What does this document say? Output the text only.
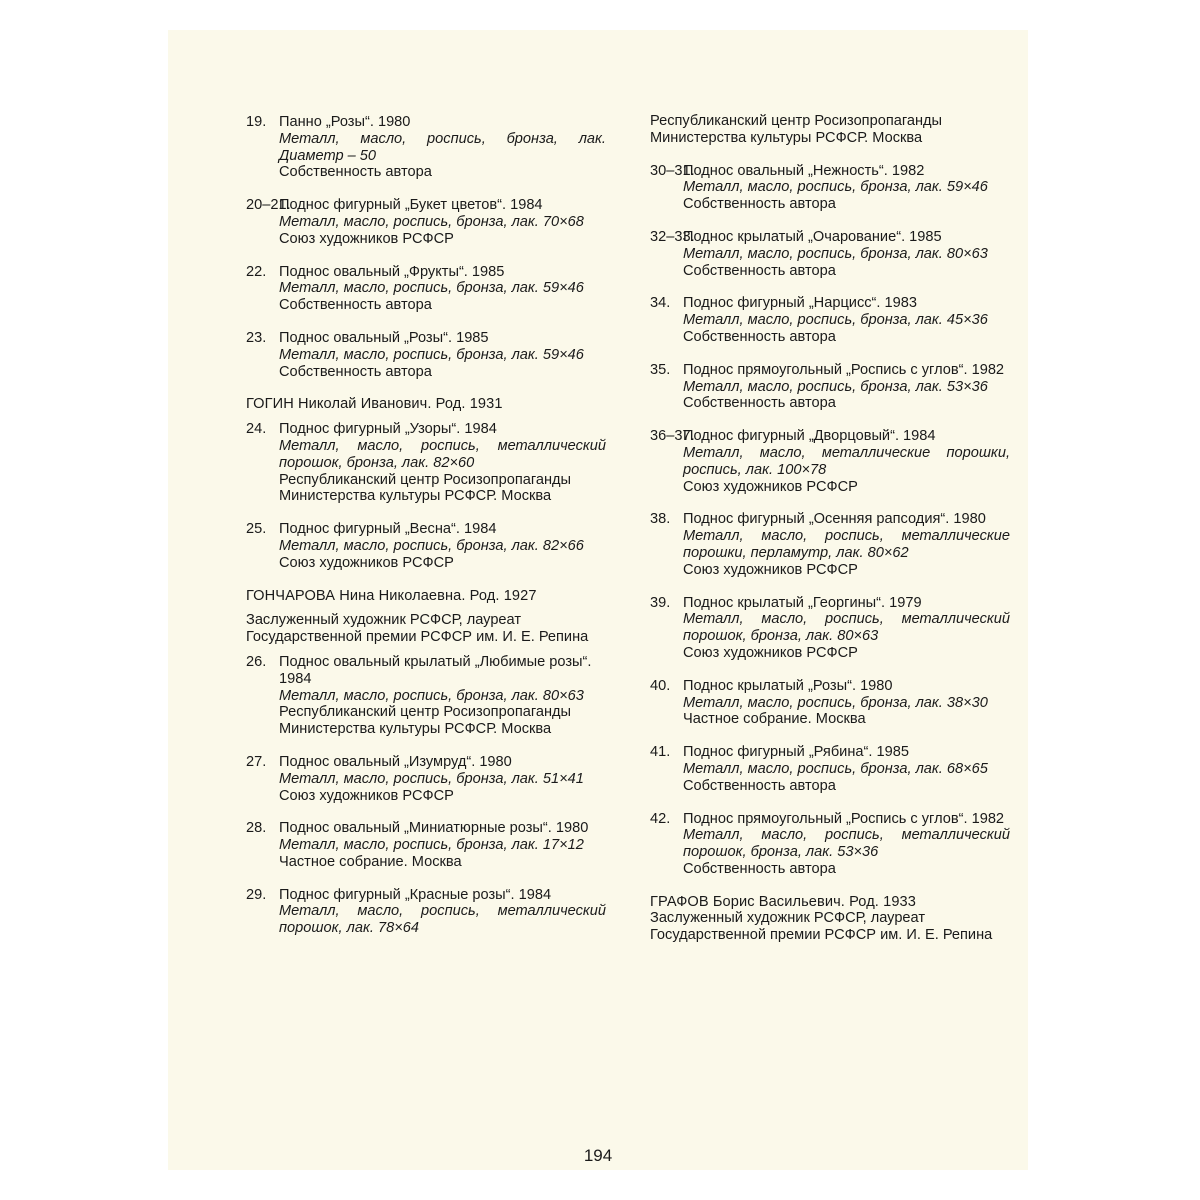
19. Панно „Розы“. 1980
Металл, масло, роспись, бронза, лак. Диаметр – 50
Собственность автора
20–21.
Поднос фигурный „Букет цветов“. 1984
Металл, масло, роспись, бронза, лак. 70×68
Союз художников РСФСР
22. Поднос овальный „Фрукты“. 1985
Металл, масло, роспись, бронза, лак. 59×46
Собственность автора
23. Поднос овальный „Розы“. 1985
Металл, масло, роспись, бронза, лак. 59×46
Собственность автора
ГОГИН Николай Иванович. Род. 1931
24. Поднос фигурный „Узоры“. 1984
Металл, масло, роспись, металлический порошок, бронза, лак. 82×60
Республиканский центр Росизопропаганды Министерства культуры РСФСР. Москва
25. Поднос фигурный „Весна“. 1984
Металл, масло, роспись, бронза, лак. 82×66
Союз художников РСФСР
ГОНЧАРОВА Нина Николаевна. Род. 1927
Заслуженный художник РСФСР, лауреат Государственной премии РСФСР им. И. Е. Репина
26. Поднос овальный крылатый „Любимые розы“. 1984
Металл, масло, роспись, бронза, лак. 80×63
Республиканский центр Росизопропаганды Министерства культуры РСФСР. Москва
27. Поднос овальный „Изумруд“. 1980
Металл, масло, роспись, бронза, лак. 51×41
Союз художников РСФСР
28. Поднос овальный „Миниатюрные розы“. 1980
Металл, масло, роспись, бронза, лак. 17×12
Частное собрание. Москва
29. Поднос фигурный „Красные розы“. 1984
Металл, масло, роспись, металлический порошок, лак. 78×64
Республиканский центр Росизопропаганды
Министерства культуры РСФСР. Москва
30–31.
Поднос овальный „Нежность“. 1982
Металл, масло, роспись, бронза, лак. 59×46
Собственность автора
32–33.
Поднос крылатый „Очарование“. 1985
Металл, масло, роспись, бронза, лак. 80×63
Собственность автора
34. Поднос фигурный „Нарцисс“. 1983
Металл, масло, роспись, бронза, лак. 45×36
Собственность автора
35. Поднос прямоугольный „Роспись с углов“. 1982
Металл, масло, роспись, бронза, лак. 53×36
Собственность автора
36–37.
Поднос фигурный „Дворцовый“. 1984
Металл, масло, металлические порошки, роспись, лак. 100×78
Союз художников РСФСР
38. Поднос фигурный „Осенняя рапсодия“. 1980
Металл, масло, роспись, металлические порошки, перламутр, лак. 80×62
Союз художников РСФСР
39. Поднос крылатый „Георгины“. 1979
Металл, масло, роспись, металлический порошок, бронза, лак. 80×63
Союз художников РСФСР
40. Поднос крылатый „Розы“. 1980
Металл, масло, роспись, бронза, лак. 38×30
Частное собрание. Москва
41. Поднос фигурный „Рябина“. 1985
Металл, масло, роспись, бронза, лак. 68×65
Собственность автора
42. Поднос прямоугольный „Роспись с углов“. 1982
Металл, масло, роспись, металлический порошок, бронза, лак. 53×36
Собственность автора
ГРАФОВ Борис Васильевич. Род. 1933
Заслуженный художник РСФСР, лауреат Государственной премии РСФСР им. И. Е. Репина
194
